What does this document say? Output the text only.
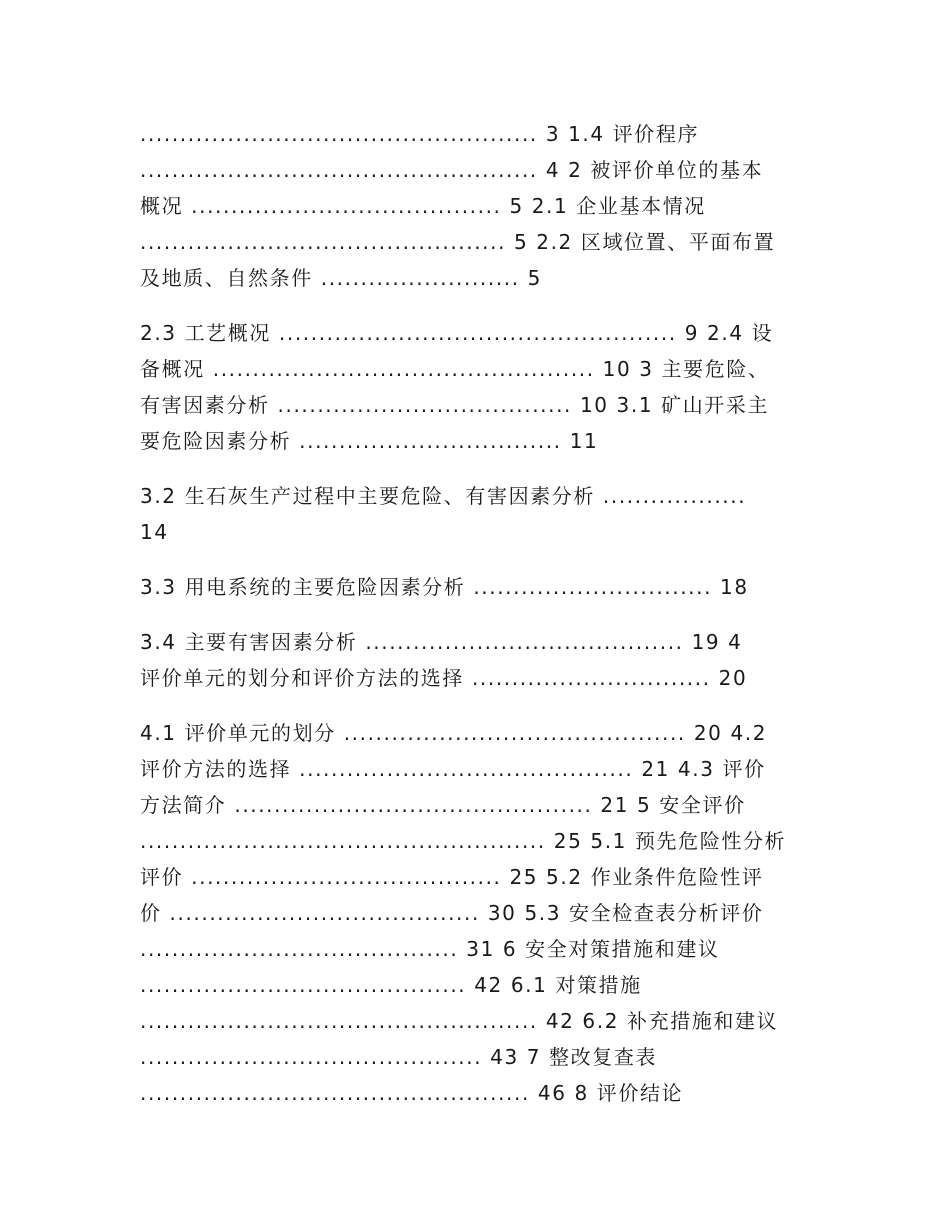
.................................................. 3 1.4 评价程序
.................................................. 4 2 被评价单位的基本
概况 ....................................... 5 2.1 企业基本情况
.............................................. 5 2.2 区域位置、平面布置
及地质、自然条件 ......................... 5
2.3 工艺概况 .................................................. 9 2.4 设
备概况 ................................................ 10 3 主要危险、
有害因素分析 ..................................... 10 3.1 矿山开采主
要危险因素分析 ................................. 11
3.2 生石灰生产过程中主要危险、有害因素分析 ..................
14
3.3 用电系统的主要危险因素分析 .............................. 18
3.4 主要有害因素分析 ........................................ 19 4
评价单元的划分和评价方法的选择 .............................. 20
4.1 评价单元的划分 ........................................... 20 4.2
评价方法的选择 .......................................... 21 4.3 评价
方法简介 ............................................. 21 5 安全评价
................................................... 25 5.1 预先危险性分析
评价 ....................................... 25 5.2 作业条件危险性评
价 ....................................... 30 5.3 安全检查表分析评价
........................................ 31 6 安全对策措施和建议
......................................... 42 6.1 对策措施
.................................................. 42 6.2 补充措施和建议
........................................... 43 7 整改复查表
................................................. 46 8 评价结论
